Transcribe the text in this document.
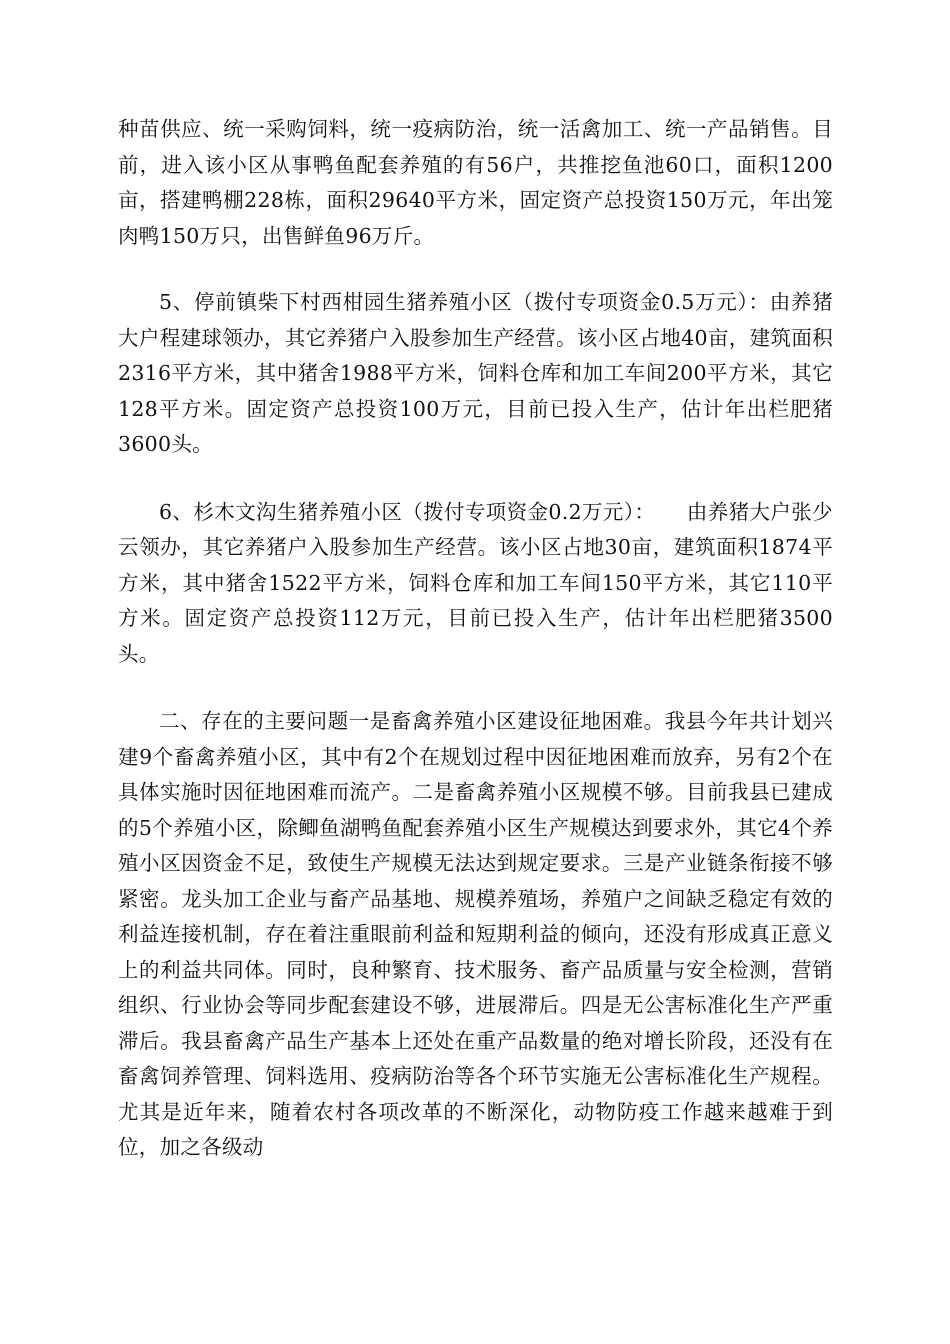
种苗供应、统一采购饲料，统一疫病防治，统一活禽加工、统一产品销售。目前，进入该小区从事鸭鱼配套养殖的有56户，共推挖鱼池60口，面积1200亩，搭建鸭棚228栋，面积29640平方米，固定资产总投资150万元，年出笼肉鸭150万只，出售鲜鱼96万斤。

5、停前镇柴下村西柑园生猪养殖小区（拨付专项资金0.5万元）：由养猪大户程建球领办，其它养猪户入股参加生产经营。该小区占地40亩，建筑面积2316平方米，其中猪舍1988平方米，饲料仓库和加工车间200平方米，其它128平方米。固定资产总投资100万元，目前已投入生产，估计年出栏肥猪3600头。

6、杉木文沟生猪养殖小区（拨付专项资金0.2万元）：　　由养猪大户张少云领办，其它养猪户入股参加生产经营。该小区占地30亩，建筑面积1874平方米，其中猪舍1522平方米，饲料仓库和加工车间150平方米，其它110平方米。固定资产总投资112万元，目前已投入生产，估计年出栏肥猪3500头。

二、存在的主要问题一是畜禽养殖小区建设征地困难。我县今年共计划兴建9个畜禽养殖小区，其中有2个在规划过程中因征地困难而放弃，另有2个在具体实施时因征地困难而流产。二是畜禽养殖小区规模不够。目前我县已建成的5个养殖小区，除鲫鱼湖鸭鱼配套养殖小区生产规模达到要求外，其它4个养殖小区因资金不足，致使生产规模无法达到规定要求。三是产业链条衔接不够紧密。龙头加工企业与畜产品基地、规模养殖场，养殖户之间缺乏稳定有效的利益连接机制，存在着注重眼前利益和短期利益的倾向，还没有形成真正意义上的利益共同体。同时，良种繁育、技术服务、畜产品质量与安全检测，营销组织、行业协会等同步配套建设不够，进展滞后。四是无公害标准化生产严重滞后。我县畜禽产品生产基本上还处在重产品数量的绝对增长阶段，还没有在畜禽饲养管理、饲料选用、疫病防治等各个环节实施无公害标准化生产规程。尤其是近年来，随着农村各项改革的不断深化，动物防疫工作越来越难于到位，加之各级动
